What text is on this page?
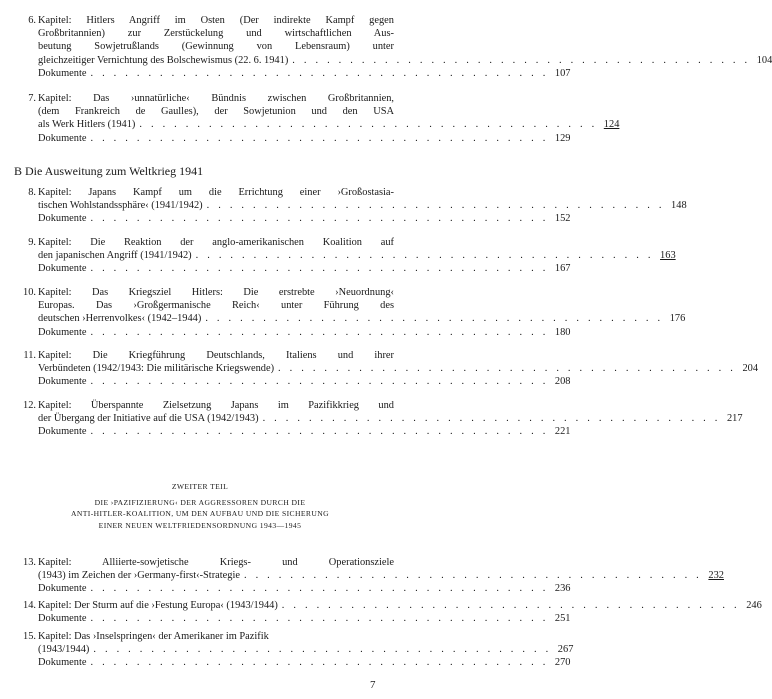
6. Kapitel: Hitlers Angriff im Osten (Der indirekte Kampf gegen
Großbritannien) zur Zerstückelung und wirtschaftlichen Aus-
beutung Sowjetrußlands (Gewinnung von Lebensraum) unter
gleichzeitiger Vernichtung des Bolschewismus (22. 6. 1941) . . . . . . . . . . . . . . . . . . . . . . . . . . . . . . . . . . . . . . . . 104
Dokumente . . . . . . . . . . . . . . . . . . . . . . . . . . . . . . . . . . . . . . . . 107
7. Kapitel: Das ›unnatürliche‹ Bündnis zwischen Großbritannien,
(dem Frankreich de Gaulles), der Sowjetunion und den USA
als Werk Hitlers (1941) . . . . . . . . . . . . . . . . . . . . . . . . . . . . . . . . . . . . . . . . 124
Dokumente . . . . . . . . . . . . . . . . . . . . . . . . . . . . . . . . . . . . . . . . 129
B Die Ausweitung zum Weltkrieg 1941
8. Kapitel: Japans Kampf um die Errichtung einer ›Großostasia-
tischen Wohlstandssphäre‹ (1941/1942) . . . . . . . . . . . . . . . . . . . . . . . . . . . . . . . . . . . . . . . . 148
Dokumente . . . . . . . . . . . . . . . . . . . . . . . . . . . . . . . . . . . . . . . . 152
9. Kapitel: Die Reaktion der anglo-amerikanischen Koalition auf
den japanischen Angriff (1941/1942) . . . . . . . . . . . . . . . . . . . . . . . . . . . . . . . . . . . . . . . . 163
Dokumente . . . . . . . . . . . . . . . . . . . . . . . . . . . . . . . . . . . . . . . . 167
10. Kapitel: Das Kriegsziel Hitlers: Die erstrebte ›Neuordnung‹
Europas. Das ›Großgermanische Reich‹ unter Führung des
deutschen ›Herrenvolkes‹ (1942–1944) . . . . . . . . . . . . . . . . . . . . . . . . . . . . . . . . . . . . . . . . 176
Dokumente . . . . . . . . . . . . . . . . . . . . . . . . . . . . . . . . . . . . . . . . 180
11. Kapitel: Die Kriegführung Deutschlands, Italiens und ihrer
Verbündeten (1942/1943: Die militärische Kriegswende) . . . . . . . . . . . . . . . . . . . . . . . . . . . . . . . . . . . . . . . . 204
Dokumente . . . . . . . . . . . . . . . . . . . . . . . . . . . . . . . . . . . . . . . . 208
12. Kapitel: Überspannte Zielsetzung Japans im Pazifikkrieg und
der Übergang der Initiative auf die USA (1942/1943) . . . . . . . . . . . . . . . . . . . . . . . . . . . . . . . . . . . . . . . . 217
Dokumente . . . . . . . . . . . . . . . . . . . . . . . . . . . . . . . . . . . . . . . . 221
ZWEITER TEIL
DIE ›PAZIFIZIERUNG‹ DER AGGRESSOREN DURCH DIE
ANTI-HITLER-KOALITION, UM DEN AUFBAU UND DIE SICHERUNG
EINER NEUEN WELTFRIEDENSORDNUNG 1943—1945
13. Kapitel: Alliierte-sowjetische Kriegs- und Operationsziele
(1943) im Zeichen der ›Germany-first‹-Strategie . . . . . . . . . . . . . . . . . . . . . . . . . . . . . . . . . . . . . . . . 232
Dokumente . . . . . . . . . . . . . . . . . . . . . . . . . . . . . . . . . . . . . . . . 236
14. Kapitel: Der Sturm auf die ›Festung Europa‹ (1943/1944) . . . . . . . . . . . . . . . . . . . . . . . . . . . . . . . . . . . . . . . . 246
Dokumente . . . . . . . . . . . . . . . . . . . . . . . . . . . . . . . . . . . . . . . . 251
15. Kapitel: Das ›Inselspringen‹ der Amerikaner im Pazifik
(1943/1944) . . . . . . . . . . . . . . . . . . . . . . . . . . . . . . . . . . . . . . . . 267
Dokumente . . . . . . . . . . . . . . . . . . . . . . . . . . . . . . . . . . . . . . . . 270
7
